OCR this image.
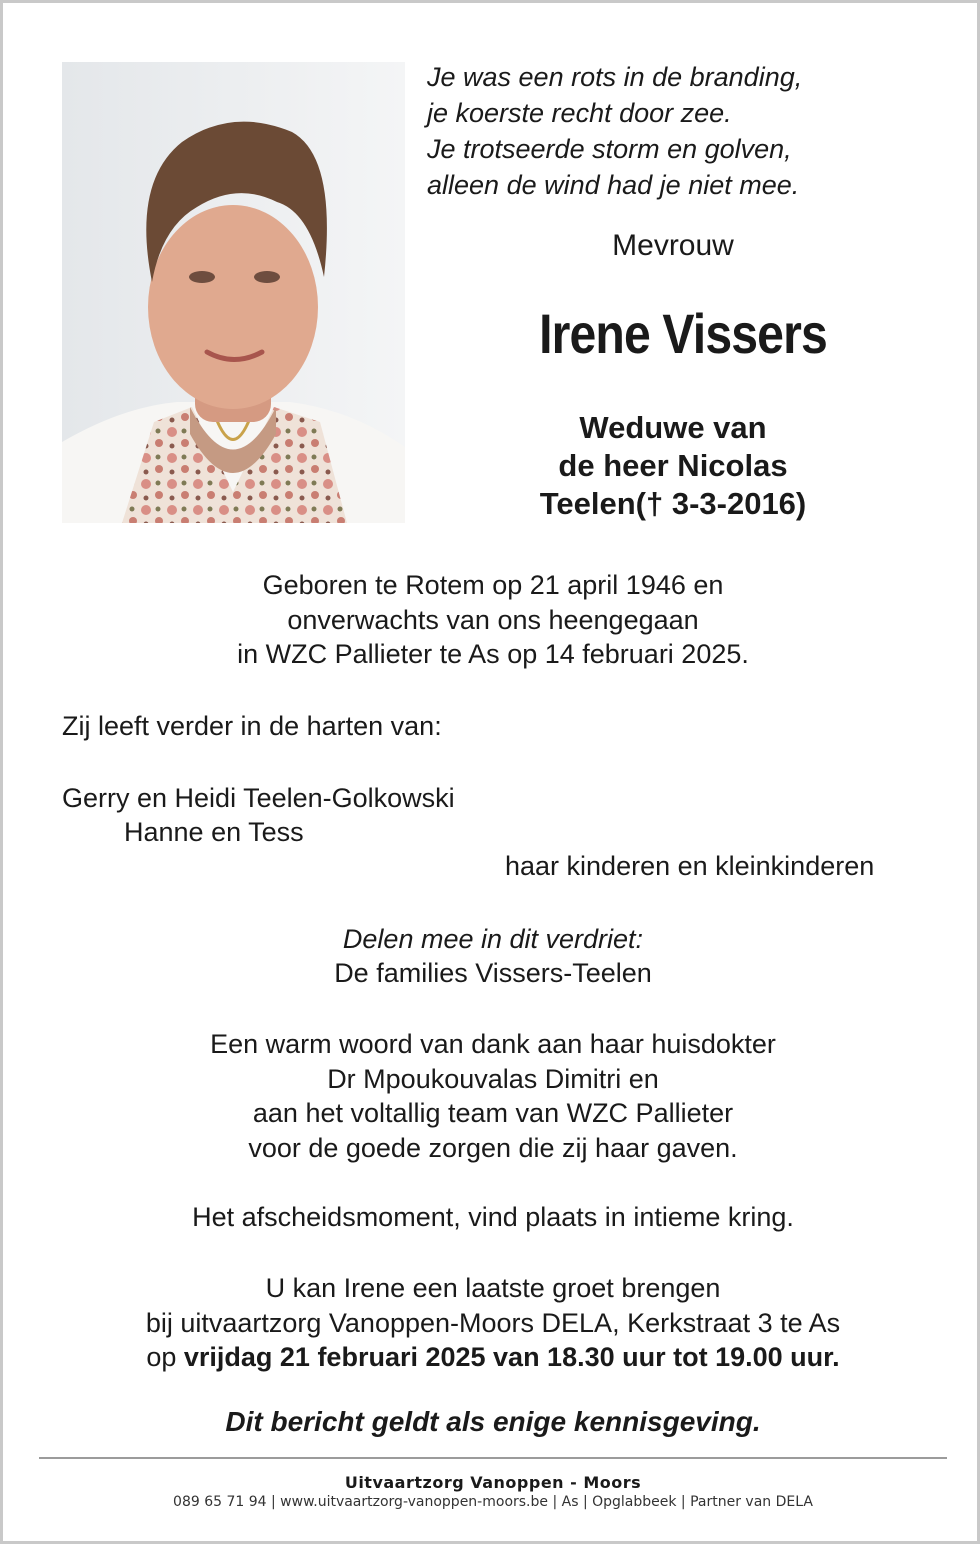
Je was een rots in de branding,
je koerste recht door zee.
Je trotseerde storm en golven,
alleen de wind had je niet mee.
Mevrouw
Irene Vissers
Weduwe van
de heer Nicolas
Teelen(† 3-3-2016)
Geboren te Rotem op 21 april 1946 en
onverwachts van ons heengegaan
in WZC Pallieter te As op 14 februari 2025.
Zij leeft verder in de harten van:
Gerry en Heidi Teelen-Golkowski
Hanne en Tess
haar kinderen en kleinkinderen
Delen mee in dit verdriet:
De families Vissers-Teelen
Een warm woord van dank aan haar huisdokter
Dr Mpoukouvalas Dimitri en
aan het voltallig team van WZC Pallieter
voor de goede zorgen die zij haar gaven.
Het afscheidsmoment, vind plaats in intieme kring.
U kan Irene een laatste groet brengen
bij uitvaartzorg Vanoppen-Moors DELA, Kerkstraat 3 te As
op vrijdag 21 februari 2025 van 18.30 uur tot 19.00 uur.
Dit bericht geldt als enige kennisgeving.
Uitvaartzorg Vanoppen - Moors
089 65 71 94 | www.uitvaartzorg-vanoppen-moors.be | As | Opglabbeek | Partner van DELA
